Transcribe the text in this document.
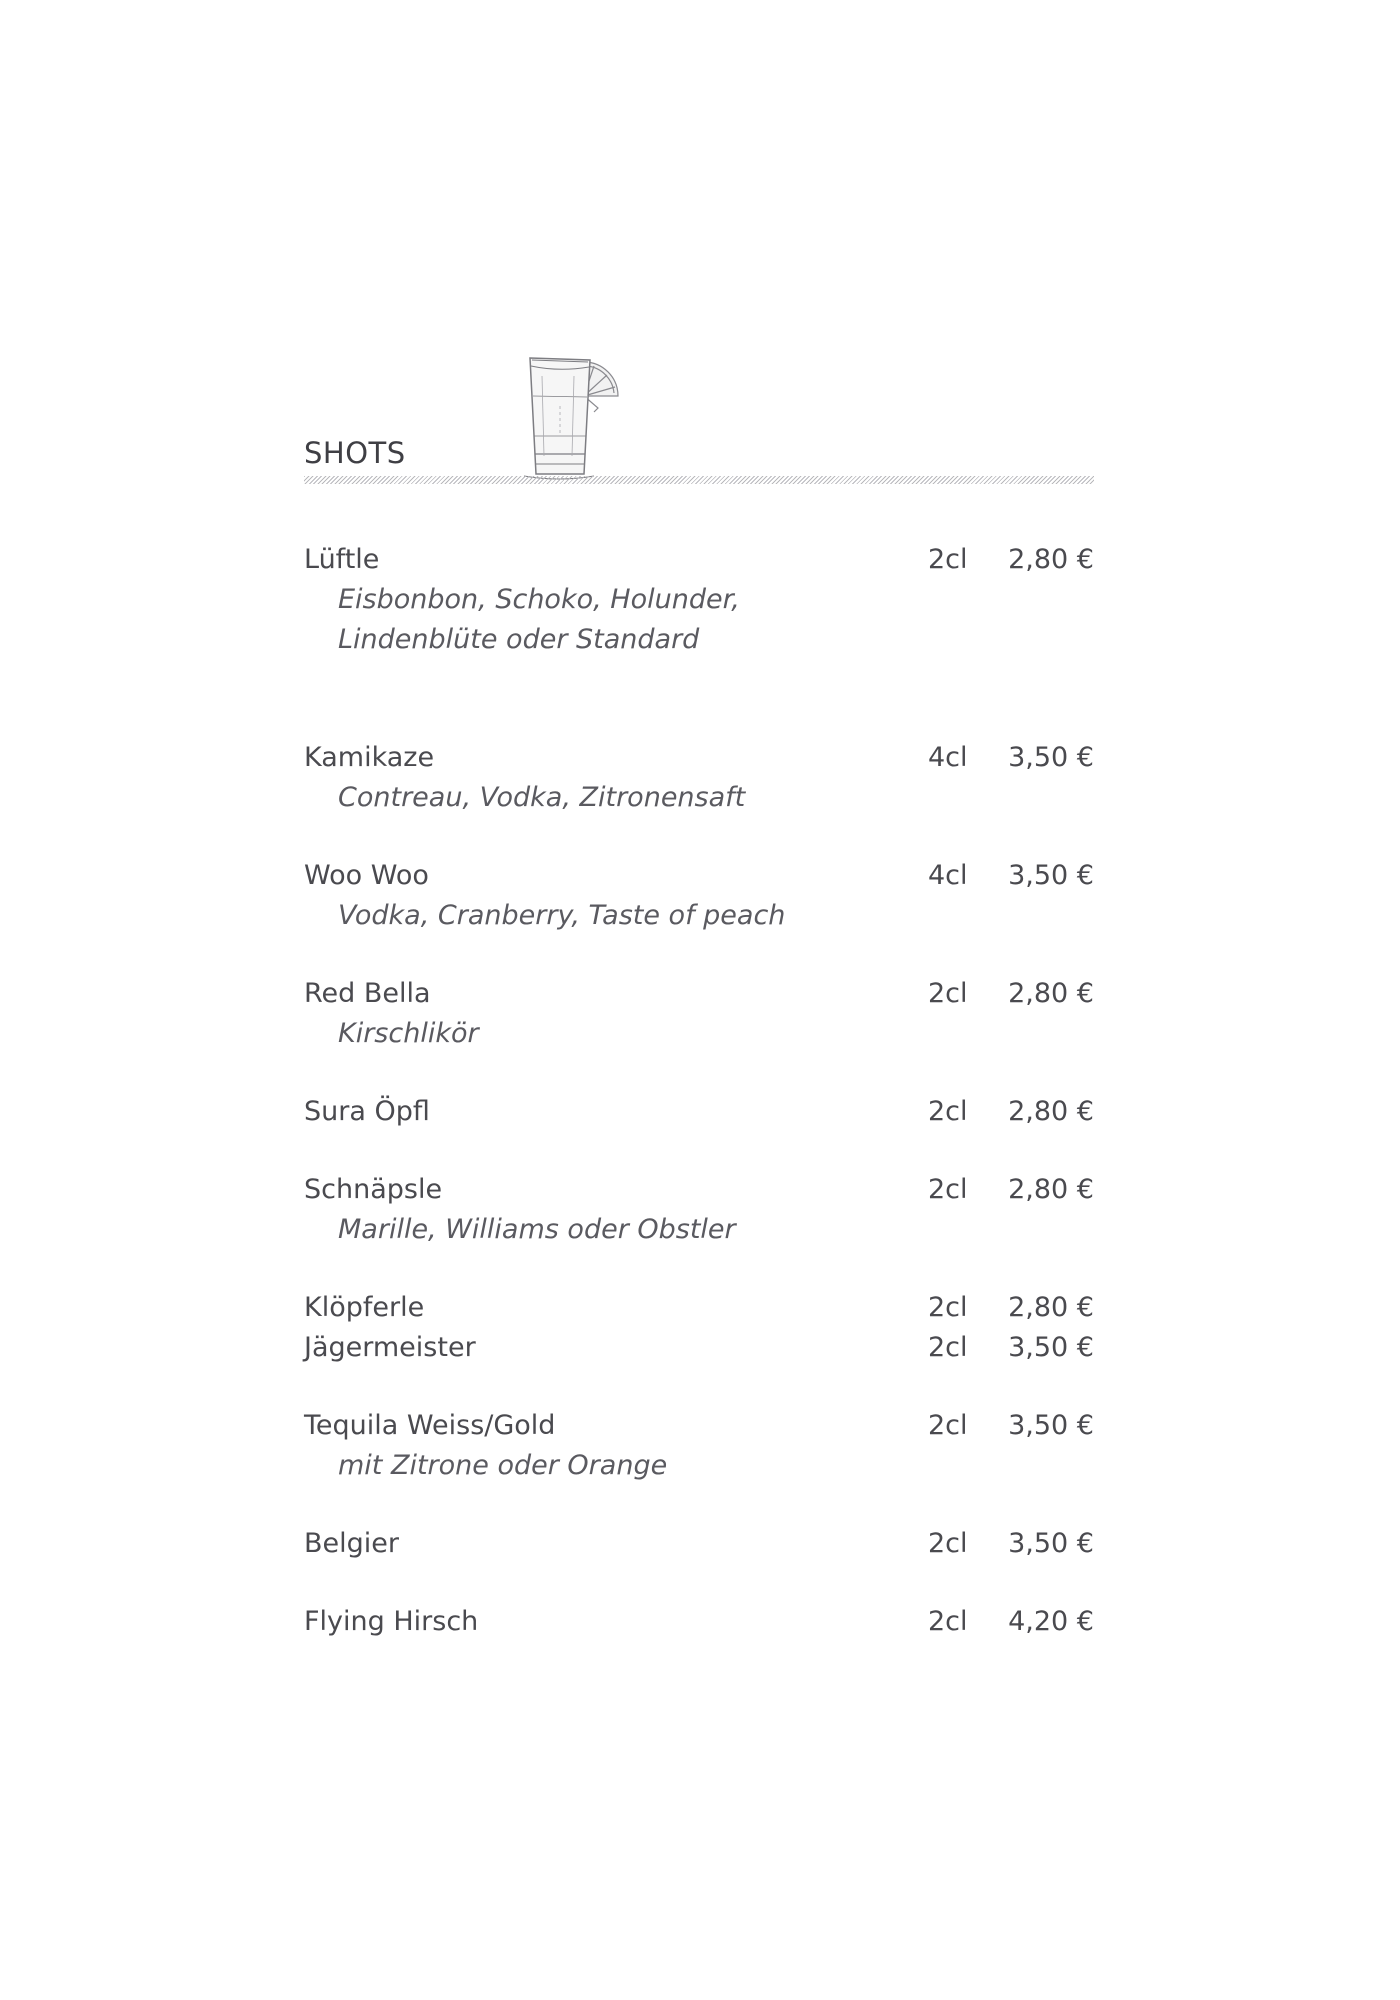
SHOTS
Lüftle	2cl 2,80 €
Eisbonbon, Schoko, Holunder, Lindenblüte oder Standard
Kamikaze	4cl 3,50 €
Contreau, Vodka, Zitronensaft
Woo Woo	4cl 3,50 €
Vodka, Cranberry, Taste of peach
Red Bella	2cl 2,80 €
Kirschlikör
Sura Öpfl	2cl 2,80 €
Schnäpsle	2cl 2,80 €
Marille, Williams oder Obstler
Klöpferle	2cl 2,80 €
Jägermeister	2cl 3,50 €
Tequila Weiss/Gold	2cl 3,50 €
mit Zitrone oder Orange
Belgier	2cl 3,50 €
Flying Hirsch	2cl 4,20 €
